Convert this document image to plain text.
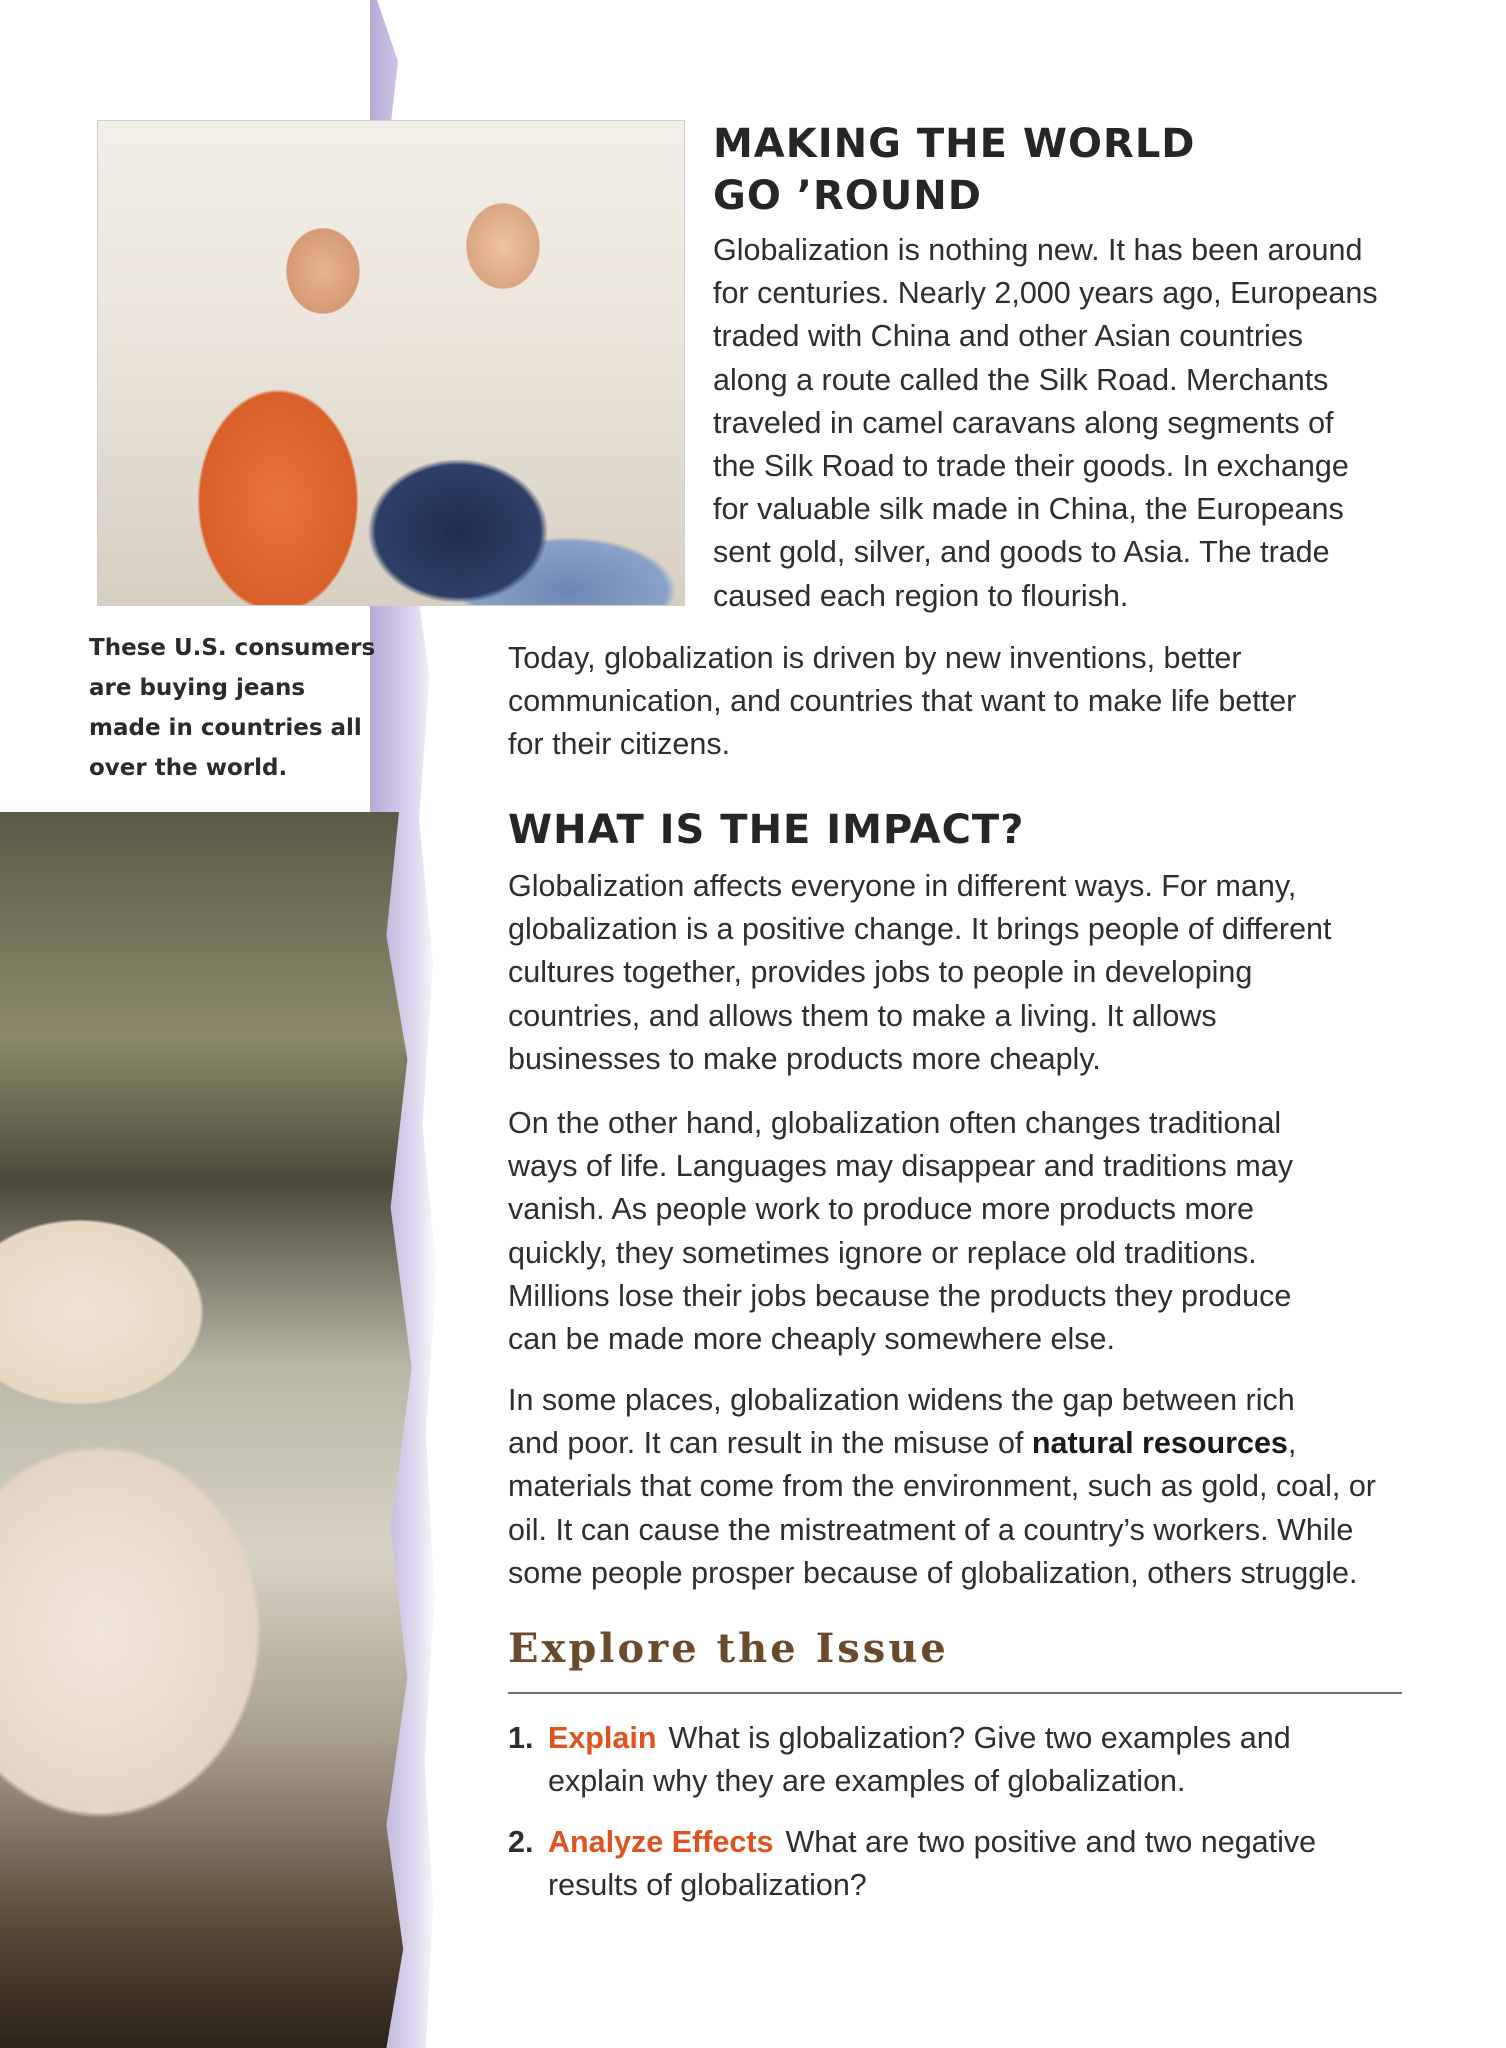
These U.S. consumers
are buying jeans
made in countries all
over the world.
MAKING THE WORLD
GO ’ROUND

Globalization is nothing new. It has been around
for centuries. Nearly 2,000 years ago, Europeans
traded with China and other Asian countries
along a route called the Silk Road. Merchants
traveled in camel caravans along segments of
the Silk Road to trade their goods. In exchange
for valuable silk made in China, the Europeans
sent gold, silver, and goods to Asia. The trade
caused each region to flourish.

Today, globalization is driven by new inventions, better
communication, and countries that want to make life better
for their citizens.

WHAT IS THE IMPACT?

Globalization affects everyone in different ways. For many,
globalization is a positive change. It brings people of different
cultures together, provides jobs to people in developing
countries, and allows them to make a living. It allows
businesses to make products more cheaply.

On the other hand, globalization often changes traditional
ways of life. Languages may disappear and traditions may
vanish. As people work to produce more products more
quickly, they sometimes ignore or replace old traditions.
Millions lose their jobs because the products they produce
can be made more cheaply somewhere else.

In some places, globalization widens the gap between rich
and poor. It can result in the misuse of natural resources,
materials that come from the environment, such as gold, coal, or
oil. It can cause the mistreatment of a country’s workers. While
some people prosper because of globalization, others struggle.

Explore the Issue

1. Explain What is globalization? Give two examples and
explain why they are examples of globalization.

2. Analyze Effects What are two positive and two negative
results of globalization?
